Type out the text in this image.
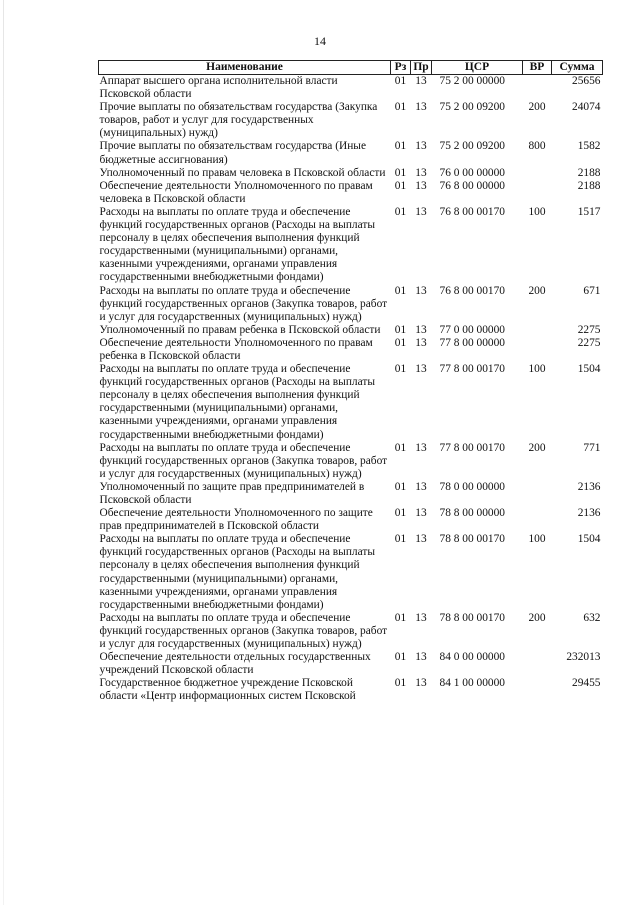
14
Наименование	Рз	Пр	ЦСР	ВР	Сумма
Аппарат высшего органа исполнительной власти Псковской области	01	13	75 2 00 00000		25656
Прочие выплаты по обязательствам государства (Закупка товаров, работ и услуг для государственных (муниципальных) нужд)	01	13	75 2 00 09200	200	24074
Прочие выплаты по обязательствам государства (Иные бюджетные ассигнования)	01	13	75 2 00 09200	800	1582
Уполномоченный по правам человека в Псковской области	01	13	76 0 00 00000		2188
Обеспечение деятельности Уполномоченного по правам человека в Псковской области	01	13	76 8 00 00000		2188
Расходы на выплаты по оплате труда и обеспечение функций государственных органов (Расходы на выплаты персоналу в целях обеспечения выполнения функций государственными (муниципальными) органами, казенными учреждениями, органами управления государственными внебюджетными фондами)	01	13	76 8 00 00170	100	1517
Расходы на выплаты по оплате труда и обеспечение функций государственных органов (Закупка товаров, работ и услуг для государственных (муниципальных) нужд)	01	13	76 8 00 00170	200	671
Уполномоченный по правам ребенка в Псковской области	01	13	77 0 00 00000		2275
Обеспечение деятельности Уполномоченного по правам ребенка в Псковской области	01	13	77 8 00 00000		2275
Расходы на выплаты по оплате труда и обеспечение функций государственных органов (Расходы на выплаты персоналу в целях обеспечения выполнения функций государственными (муниципальными) органами, казенными учреждениями, органами управления государственными внебюджетными фондами)	01	13	77 8 00 00170	100	1504
Расходы на выплаты по оплате труда и обеспечение функций государственных органов (Закупка товаров, работ и услуг для государственных (муниципальных) нужд)	01	13	77 8 00 00170	200	771
Уполномоченный по защите прав предпринимателей в Псковской области	01	13	78 0 00 00000		2136
Обеспечение деятельности Уполномоченного по защите прав предпринимателей в Псковской области	01	13	78 8 00 00000		2136
Расходы на выплаты по оплате труда и обеспечение функций государственных органов (Расходы на выплаты персоналу в целях обеспечения выполнения функций государственными (муниципальными) органами, казенными учреждениями, органами управления государственными внебюджетными фондами)	01	13	78 8 00 00170	100	1504
Расходы на выплаты по оплате труда и обеспечение функций государственных органов (Закупка товаров, работ и услуг для государственных (муниципальных) нужд)	01	13	78 8 00 00170	200	632
Обеспечение деятельности отдельных государственных учреждений Псковской области	01	13	84 0 00 00000		232013
Государственное бюджетное учреждение Псковской области «Центр информационных систем Псковской	01	13	84 1 00 00000		29455
